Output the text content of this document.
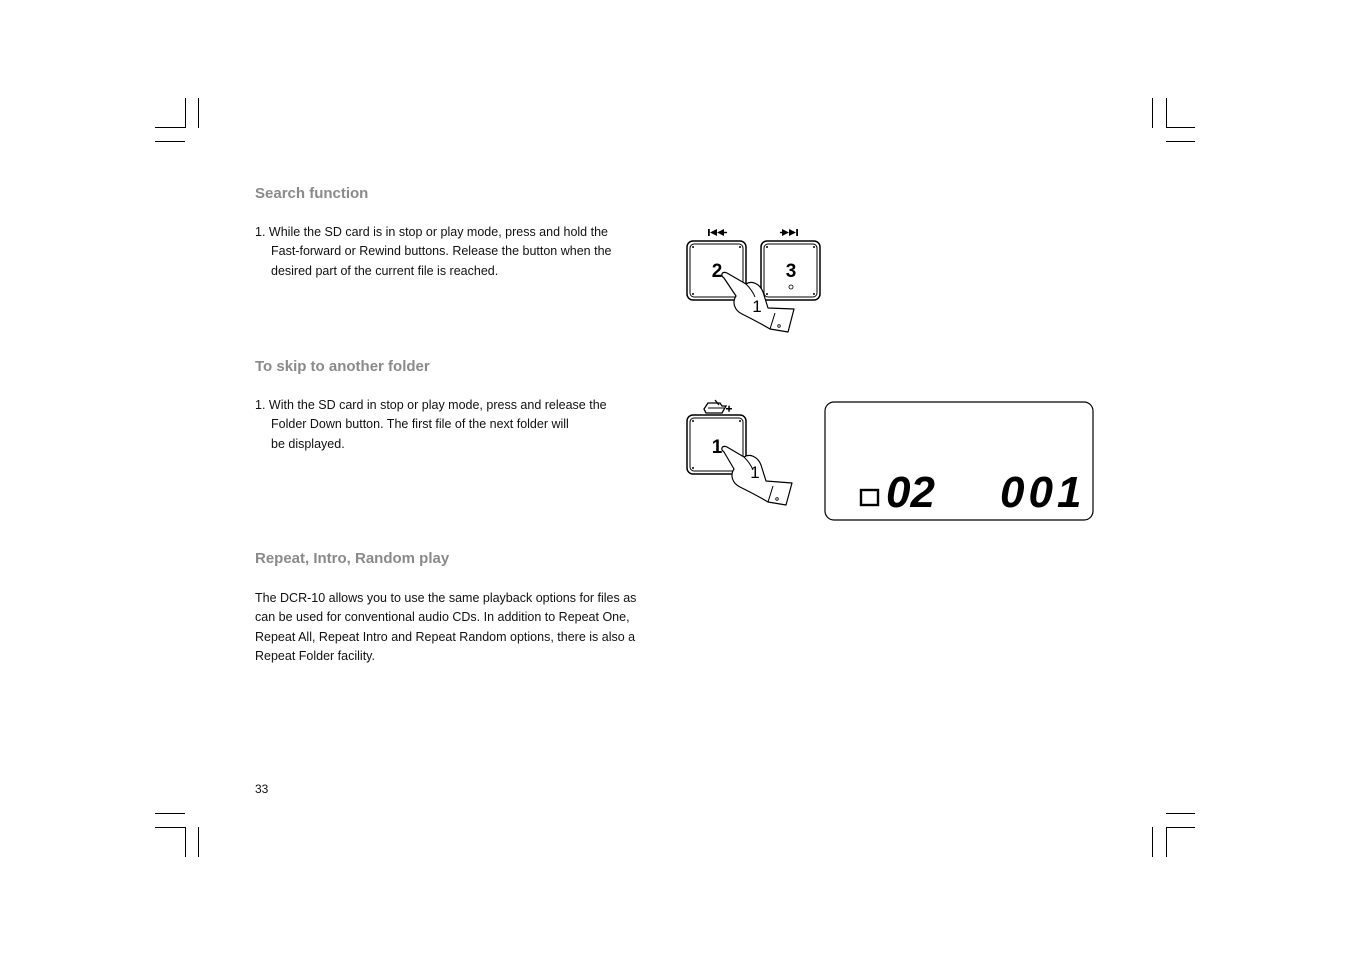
Search function

1. While the SD card is in stop or play mode, press and hold the
Fast-forward or Rewind buttons. Release the button when the
desired part of the current file is reached.	2	3
1
To skip to another folder

1. With the SD card in stop or play mode, press and release the
Folder Down button. The first file of the next folder will
be displayed.	1
1	02 001
Repeat, Intro, Random play

The DCR-10 allows you to use the same playback options for files as
can be used for conventional audio CDs. In addition to Repeat One,
Repeat All, Repeat Intro and Repeat Random options, there is also a
Repeat Folder facility.

33
